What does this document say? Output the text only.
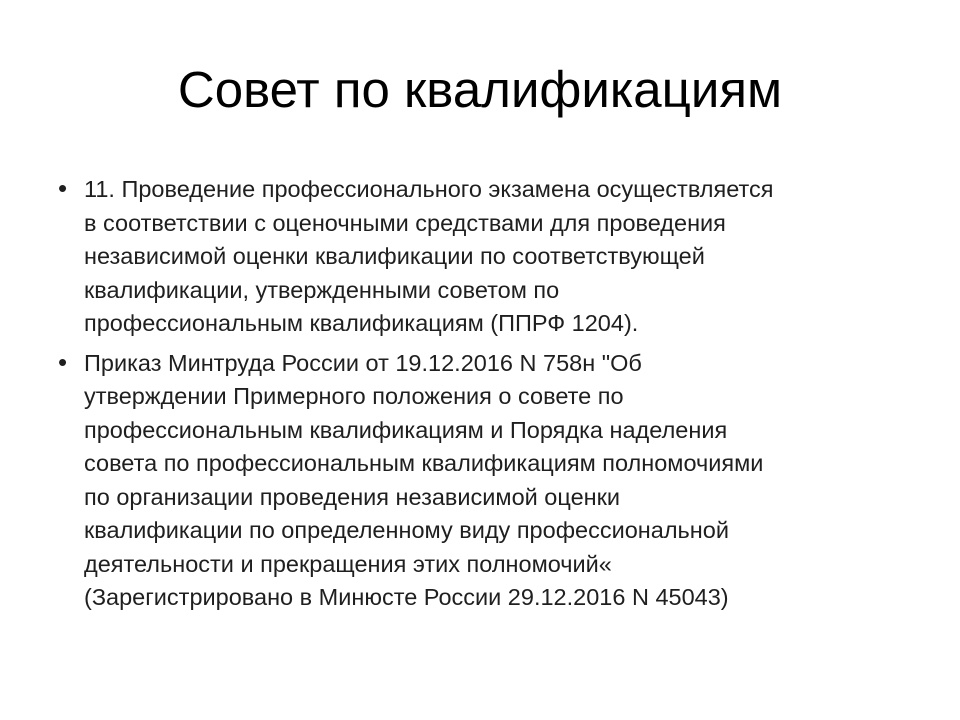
Совет по квалификациям
• 11. Проведение профессионального экзамена осуществляется
в соответствии с оценочными средствами для проведения
независимой оценки квалификации по соответствующей
квалификации, утвержденными советом по
профессиональным квалификациям (ППРФ 1204).
• Приказ Минтруда России от 19.12.2016 N 758н "Об
утверждении Примерного положения о совете по
профессиональным квалификациям и Порядка наделения
совета по профессиональным квалификациям полномочиями
по организации проведения независимой оценки
квалификации по определенному виду профессиональной
деятельности и прекращения этих полномочий«
(Зарегистрировано в Минюсте России 29.12.2016 N 45043)
